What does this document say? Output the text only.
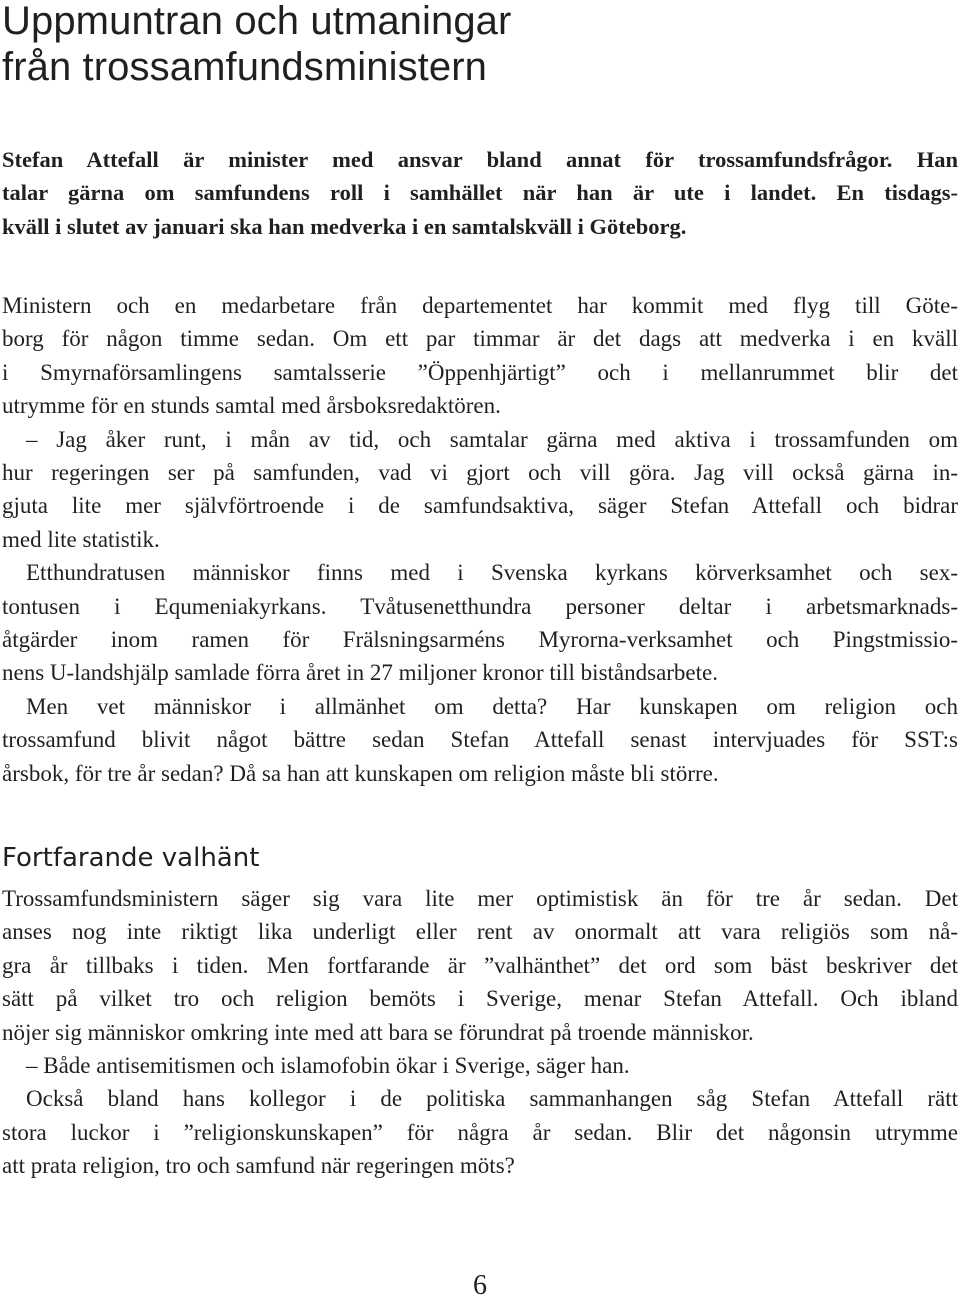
Uppmuntran och utmaningar
från trossamfundsministern
Stefan Attefall är minister med ansvar bland annat för trossamfundsfrågor. Han
talar gärna om samfundens roll i samhället när han är ute i landet. En tisdags-
kväll i slutet av januari ska han medverka i en samtalskväll i Göteborg.

Ministern och en medarbetare från departementet har kommit med flyg till Göte-
borg för någon timme sedan. Om ett par timmar är det dags att medverka i en kväll
i Smyrnaförsamlingens samtalsserie ”Öppenhjärtigt” och i mellanrummet blir det
utrymme för en stunds samtal med årsboksredaktören.

– Jag åker runt, i mån av tid, och samtalar gärna med aktiva i trossamfunden om
hur regeringen ser på samfunden, vad vi gjort och vill göra. Jag vill också gärna in-
gjuta lite mer självförtroende i de samfundsaktiva, säger Stefan Attefall och bidrar
med lite statistik.

Etthundratusen människor finns med i Svenska kyrkans körverksamhet och sex-
tontusen i Equmeniakyrkans. Tvåtusenetthundra personer deltar i arbetsmarknads-
åtgärder inom ramen för Frälsningsarméns Myrorna-verksamhet och Pingstmissio-
nens U-landshjälp samlade förra året in 27 miljoner kronor till biståndsarbete.

Men vet människor i allmänhet om detta? Har kunskapen om religion och
trossamfund blivit något bättre sedan Stefan Attefall senast intervjuades för SST:s
årsbok, för tre år sedan? Då sa han att kunskapen om religion måste bli större.

Fortfarande valhänt

Trossamfundsministern säger sig vara lite mer optimistisk än för tre år sedan. Det
anses nog inte riktigt lika underligt eller rent av onormalt att vara religiös som nå-
gra år tillbaks i tiden. Men fortfarande är ”valhänthet” det ord som bäst beskriver det
sätt på vilket tro och religion bemöts i Sverige, menar Stefan Attefall. Och ibland
nöjer sig människor omkring inte med att bara se förundrat på troende människor.

– Både antisemitismen och islamofobin ökar i Sverige, säger han.

Också bland hans kollegor i de politiska sammanhangen såg Stefan Attefall rätt
stora luckor i ”religionskunskapen” för några år sedan. Blir det någonsin utrymme
att prata religion, tro och samfund när regeringen möts?

6
